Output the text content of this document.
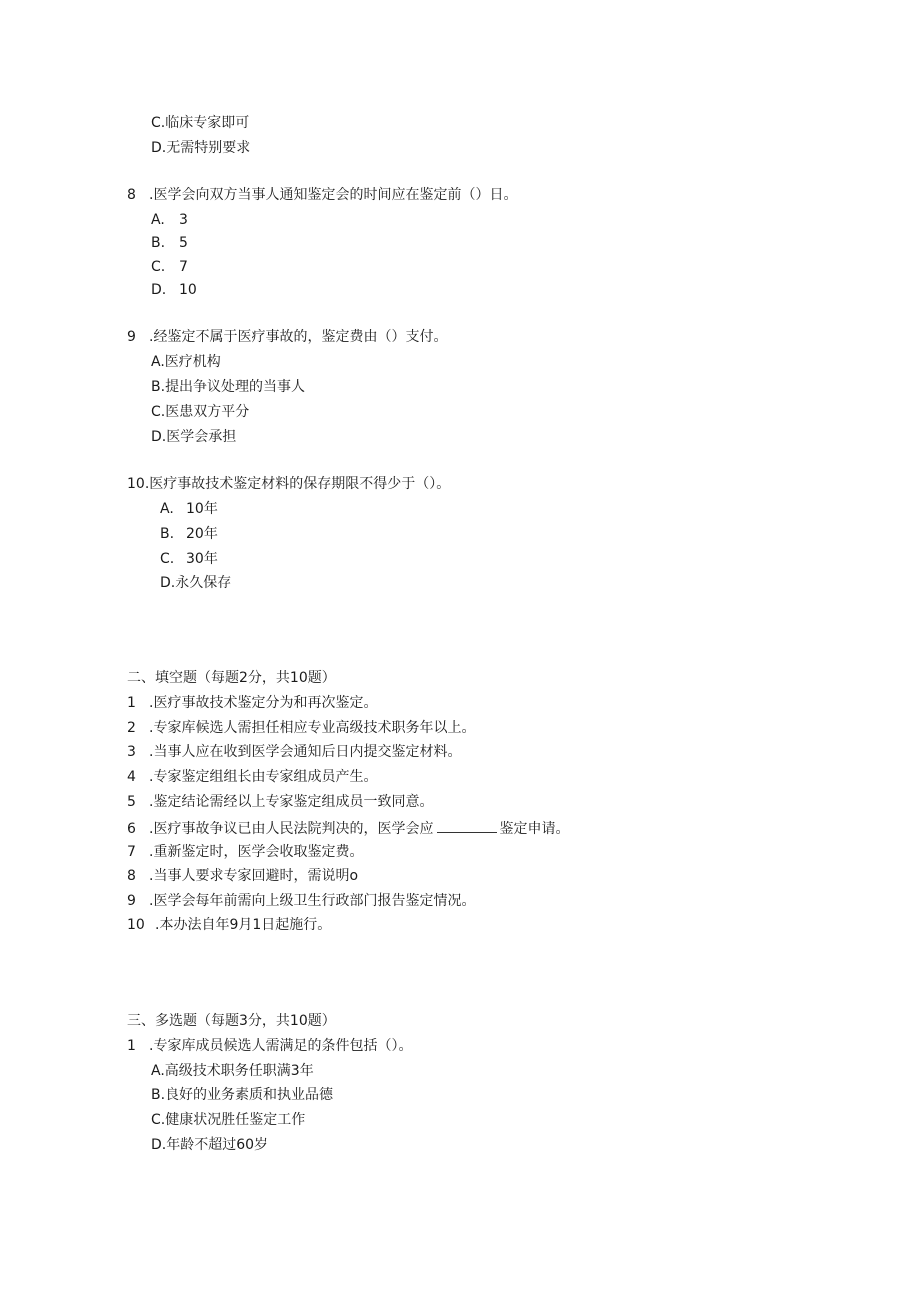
C.临床专家即可
D.无需特别要求
8 .医学会向双方当事人通知鉴定会的时间应在鉴定前（）日。
A. 3
B. 5
C. 7
D. 10
9 .经鉴定不属于医疗事故的，鉴定费由（）支付。
A.医疗机构
B.提出争议处理的当事人
C.医患双方平分
D.医学会承担
10.医疗事故技术鉴定材料的保存期限不得少于（）。
A. 10年
B. 20年
C. 30年
D.永久保存
二、填空题（每题2分，共10题）
1 .医疗事故技术鉴定分为和再次鉴定。
2 .专家库候选人需担任相应专业高级技术职务年以上。
3 .当事人应在收到医学会通知后日内提交鉴定材料。
4 .专家鉴定组组长由专家组成员产生。
5 .鉴定结论需经以上专家鉴定组成员一致同意。
6 .医疗事故争议已由人民法院判决的，医学会应	鉴定申请。
7 .重新鉴定时，医学会收取鉴定费。
8 .当事人要求专家回避时，需说明o
9 .医学会每年前需向上级卫生行政部门报告鉴定情况。
10 .本办法自年9月1日起施行。
三、多选题（每题3分，共10题）
1 .专家库成员候选人需满足的条件包括（）。
A.高级技术职务任职满3年
B.良好的业务素质和执业品德
C.健康状况胜任鉴定工作
D.年龄不超过60岁
